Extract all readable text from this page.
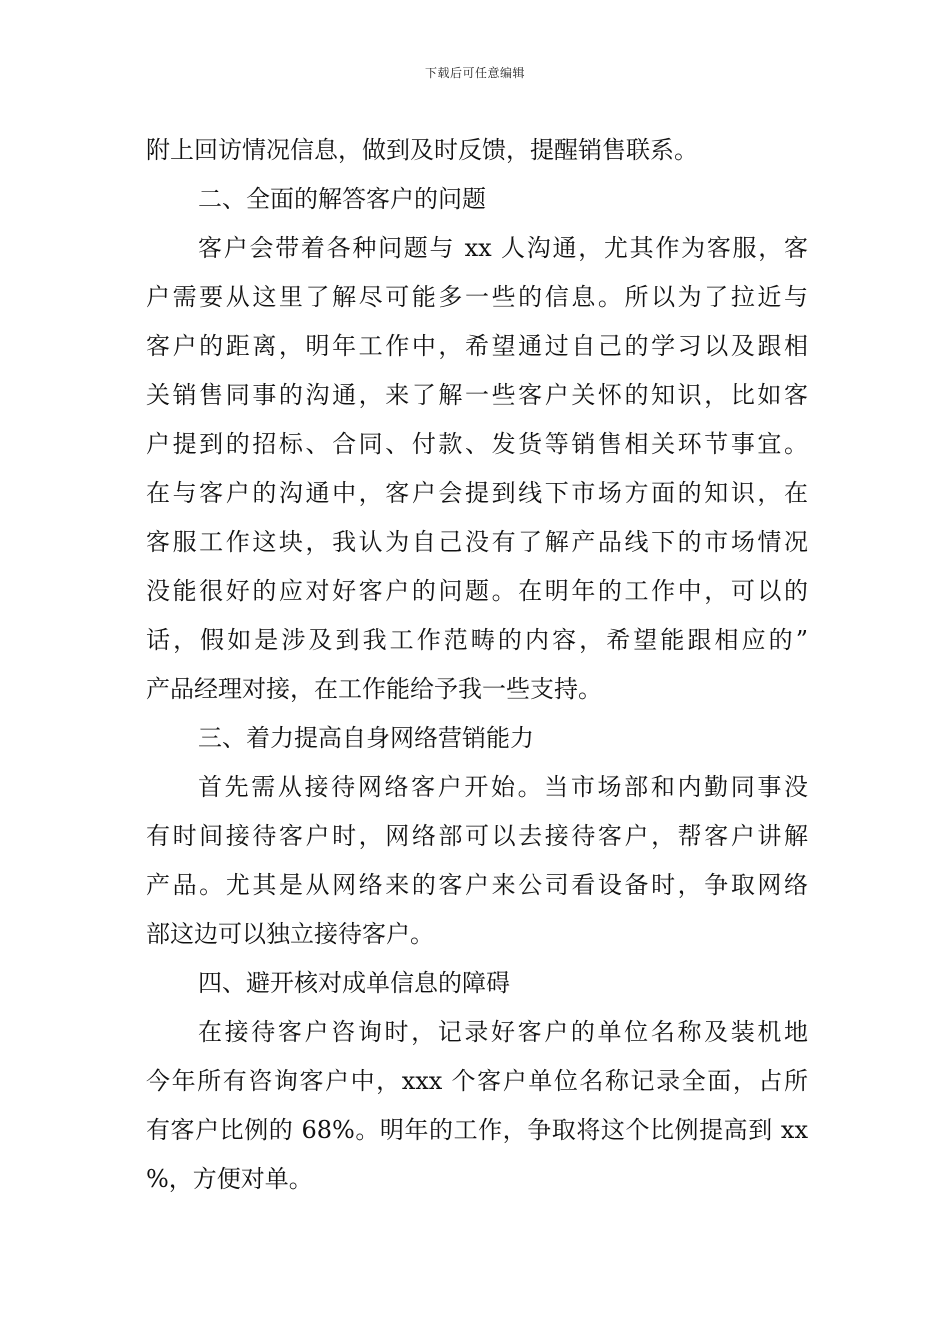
下载后可任意编辑
附上回访情况信息，做到及时反馈，提醒销售联系。
二、全面的解答客户的问题
客户会带着各种问题与 xx 人沟通，尤其作为客服，客
户需要从这里了解尽可能多一些的信息。所以为了拉近与
客户的距离，明年工作中，希望通过自己的学习以及跟相
关销售同事的沟通，来了解一些客户关怀的知识，比如客
户提到的招标、合同、付款、发货等销售相关环节事宜。
在与客户的沟通中，客户会提到线下市场方面的知识，在
客服工作这块，我认为自己没有了解产品线下的市场情况
没能很好的应对好客户的问题。在明年的工作中，可以的
话，假如是涉及到我工作范畴的内容，希望能跟相应的”
产品经理对接，在工作能给予我一些支持。
三、着力提高自身网络营销能力
首先需从接待网络客户开始。当市场部和内勤同事没
有时间接待客户时，网络部可以去接待客户，帮客户讲解
产品。尤其是从网络来的客户来公司看设备时，争取网络
部这边可以独立接待客户。
四、避开核对成单信息的障碍
在接待客户咨询时，记录好客户的单位名称及装机地
今年所有咨询客户中，xxx 个客户单位名称记录全面，占所
有客户比例的 68%。明年的工作，争取将这个比例提高到 xx
%，方便对单。
